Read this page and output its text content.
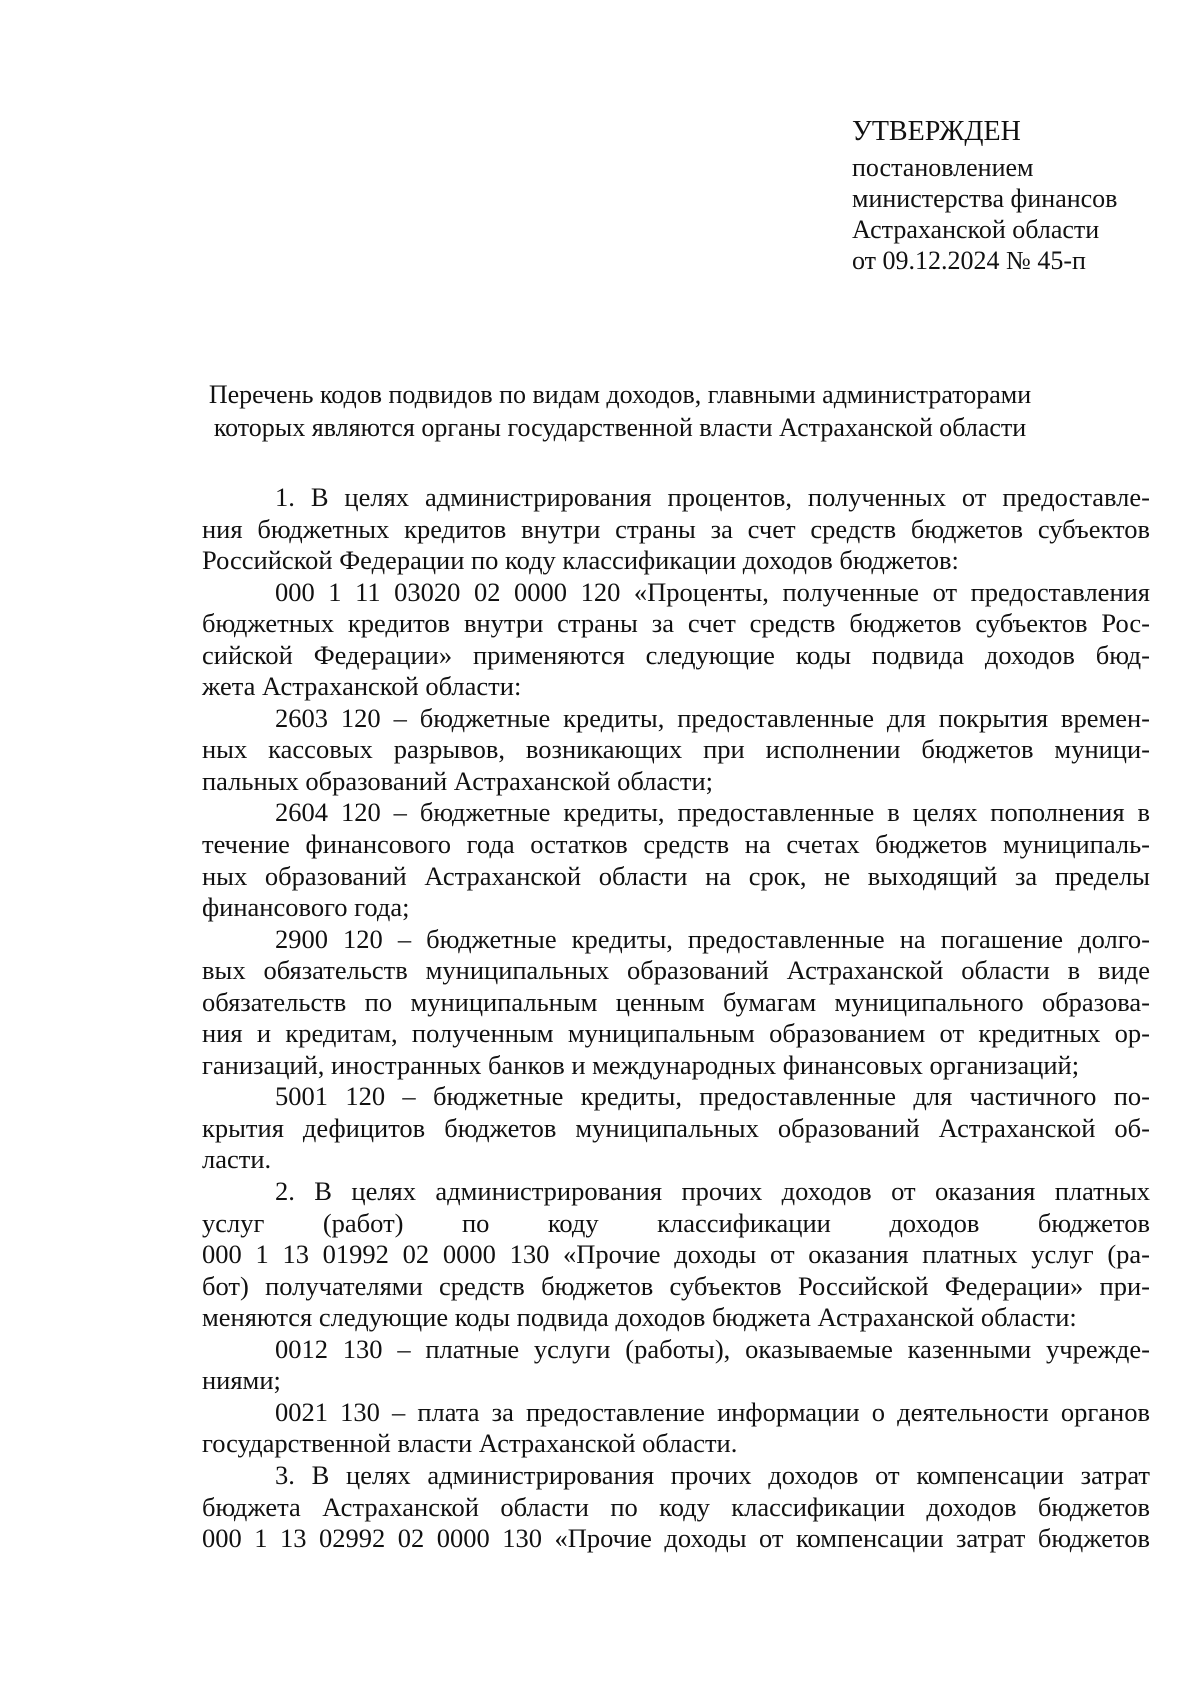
УТВЕРЖДЕН
постановлением
министерства финансов
Астраханской области
от 09.12.2024 № 45-п
Перечень кодов подвидов по видам доходов, главными администраторами
которых являются органы государственной власти Астраханской области
1. В целях администрирования процентов, полученных от предоставле-
ния бюджетных кредитов внутри страны за счет средств бюджетов субъектов
Российской Федерации по коду классификации доходов бюджетов:
000 1 11 03020 02 0000 120 «Проценты, полученные от предоставления
бюджетных кредитов внутри страны за счет средств бюджетов субъектов Рос-
сийской Федерации» применяются следующие коды подвида доходов бюд-
жета Астраханской области:
2603 120 – бюджетные кредиты, предоставленные для покрытия времен-
ных кассовых разрывов, возникающих при исполнении бюджетов муници-
пальных образований Астраханской области;
2604 120 – бюджетные кредиты, предоставленные в целях пополнения в
течение финансового года остатков средств на счетах бюджетов муниципаль-
ных образований Астраханской области на срок, не выходящий за пределы
финансового года;
2900 120 – бюджетные кредиты, предоставленные на погашение долго-
вых обязательств муниципальных образований Астраханской области в виде
обязательств по муниципальным ценным бумагам муниципального образова-
ния и кредитам, полученным муниципальным образованием от кредитных ор-
ганизаций, иностранных банков и международных финансовых организаций;
5001 120 – бюджетные кредиты, предоставленные для частичного по-
крытия дефицитов бюджетов муниципальных образований Астраханской об-
ласти.
2. В целях администрирования прочих доходов от оказания платных
услуг (работ) по коду классификации доходов бюджетов
000 1 13 01992 02 0000 130 «Прочие доходы от оказания платных услуг (ра-
бот) получателями средств бюджетов субъектов Российской Федерации» при-
меняются следующие коды подвида доходов бюджета Астраханской области:
0012 130 – платные услуги (работы), оказываемые казенными учрежде-
ниями;
0021 130 – плата за предоставление информации о деятельности органов
государственной власти Астраханской области.
3. В целях администрирования прочих доходов от компенсации затрат
бюджета Астраханской области по коду классификации доходов бюджетов
000 1 13 02992 02 0000 130 «Прочие доходы от компенсации затрат бюджетов
